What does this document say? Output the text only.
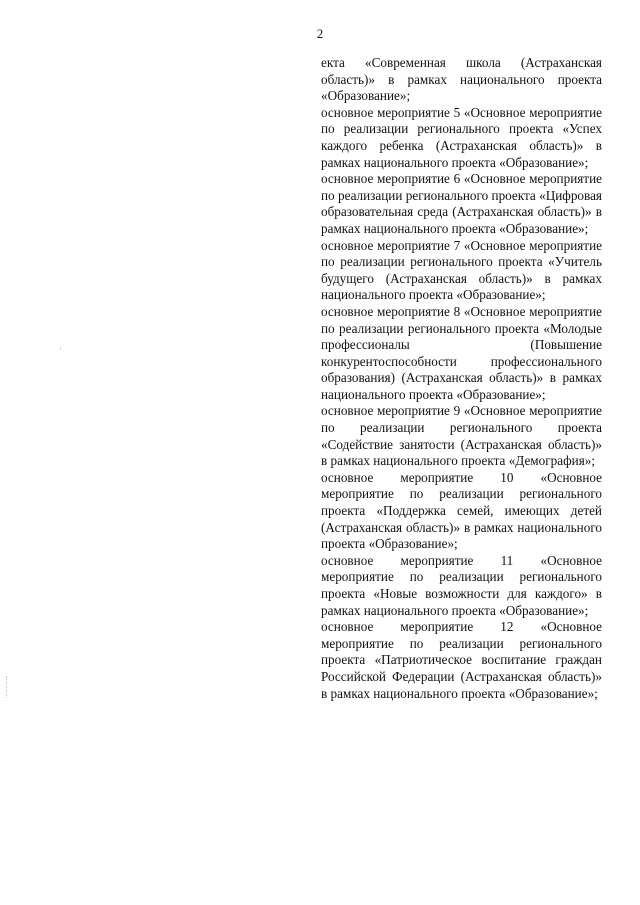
2

екта «Современная школа (Астраханская область)» в рамках национального проекта «Образование»;

основное мероприятие 5 «Основное мероприятие по реализации регионального проекта «Успех каждого ребенка (Астраханская область)» в рамках национального проекта «Образование»;

основное мероприятие 6 «Основное мероприятие по реализации регионального проекта «Цифровая образовательная среда (Астраханская область)» в рамках национального проекта «Образование»;

основное мероприятие 7 «Основное мероприятие по реализации регионального проекта «Учитель будущего (Астраханская область)» в рамках национального проекта «Образование»;

основное мероприятие 8 «Основное мероприятие по реализации регионального проекта «Молодые профессионалы (Повышение конкурентоспособности профессионального образования) (Астраханская область)» в рамках национального проекта «Образование»;

основное мероприятие 9 «Основное мероприятие по реализации регионального проекта «Содействие занятости (Астраханская область)» в рамках национального проекта «Демография»;

основное мероприятие 10 «Основное мероприятие по реализации регионального проекта «Поддержка семей, имеющих детей (Астраханская область)» в рамках национального проекта «Образование»;

основное мероприятие 11 «Основное мероприятие по реализации регионального проекта «Новые возможности для каждого» в рамках национального проекта «Образование»;

основное мероприятие 12 «Основное мероприятие по реализации регионального проекта «Патриотическое воспитание граждан Российской Федерации (Астраханская область)» в рамках национального проекта «Образование»;
